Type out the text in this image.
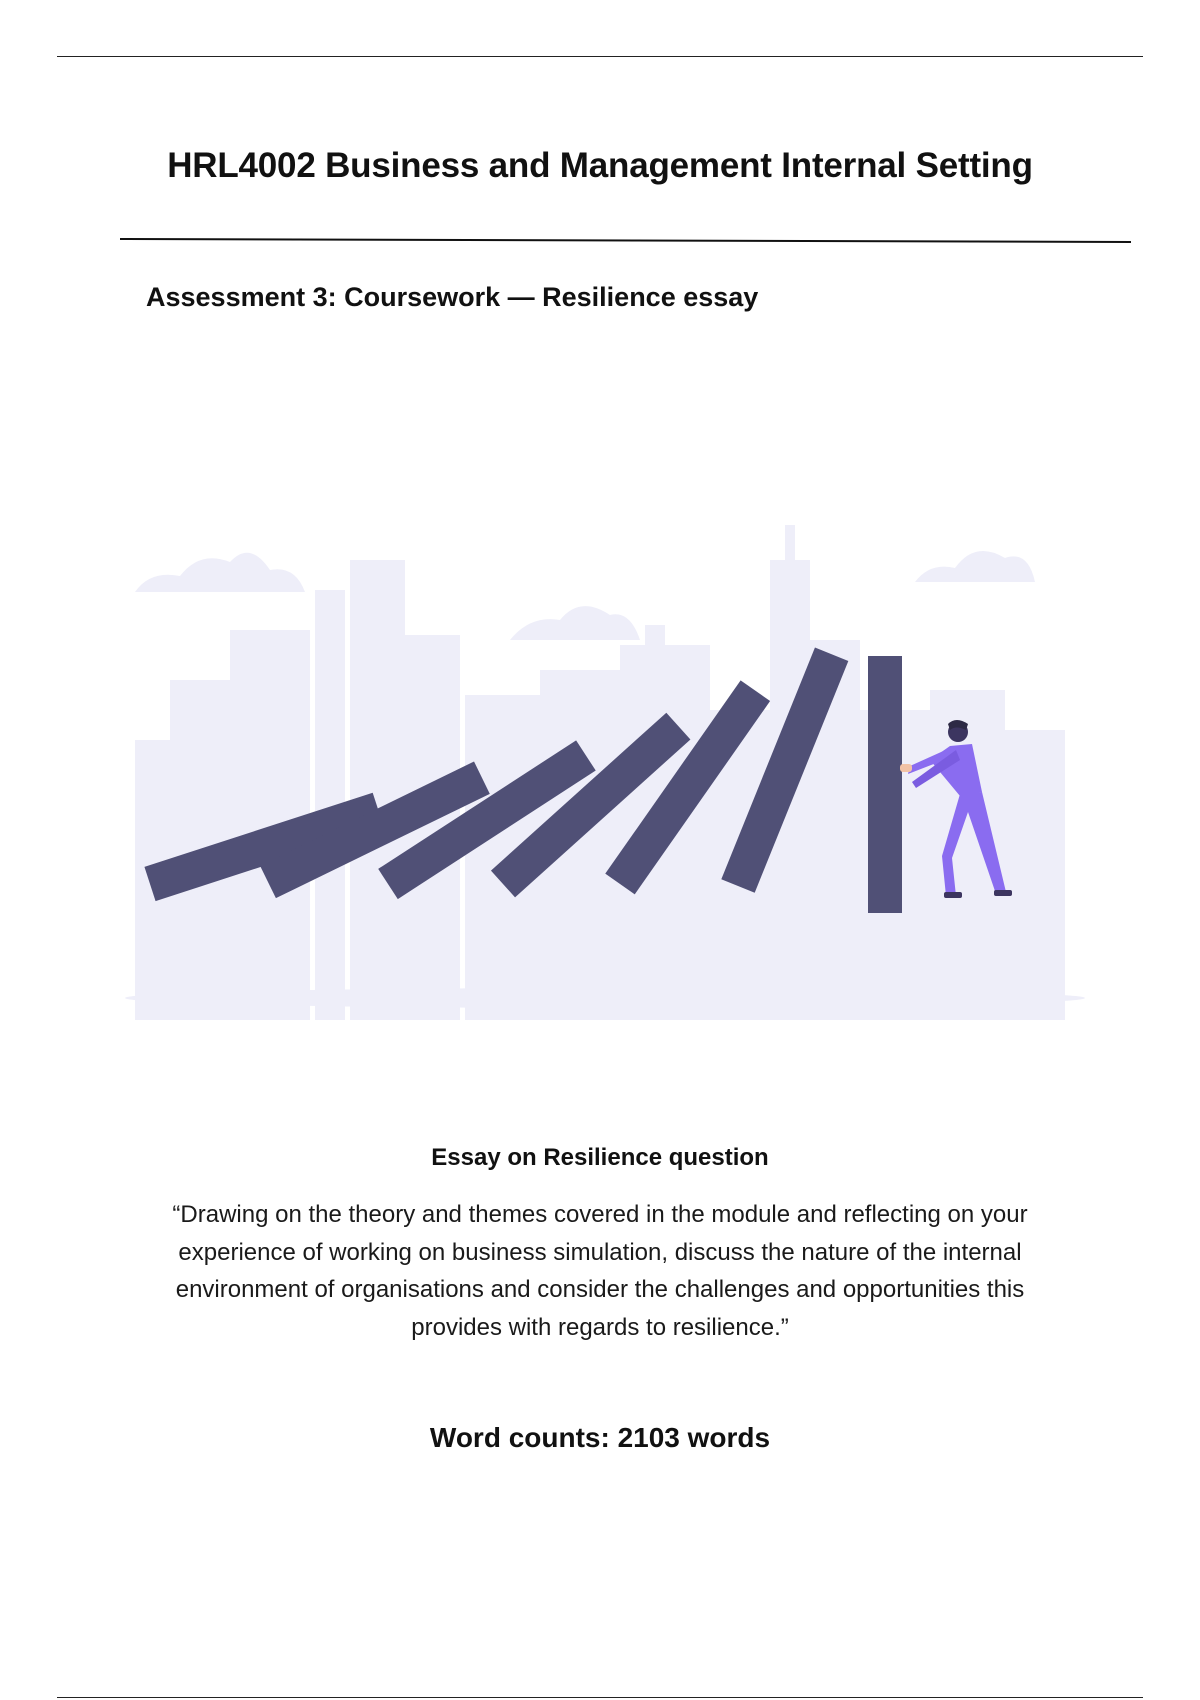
HRL4002 Business and Management Internal Setting
Assessment 3: Coursework — Resilience essay
Essay on Resilience question
“Drawing on the theory and themes covered in the module and reflecting on your experience of working on business simulation, discuss the nature of the internal environment of organisations and consider the challenges and opportunities this provides with regards to resilience.”
Word counts: 2103 words
